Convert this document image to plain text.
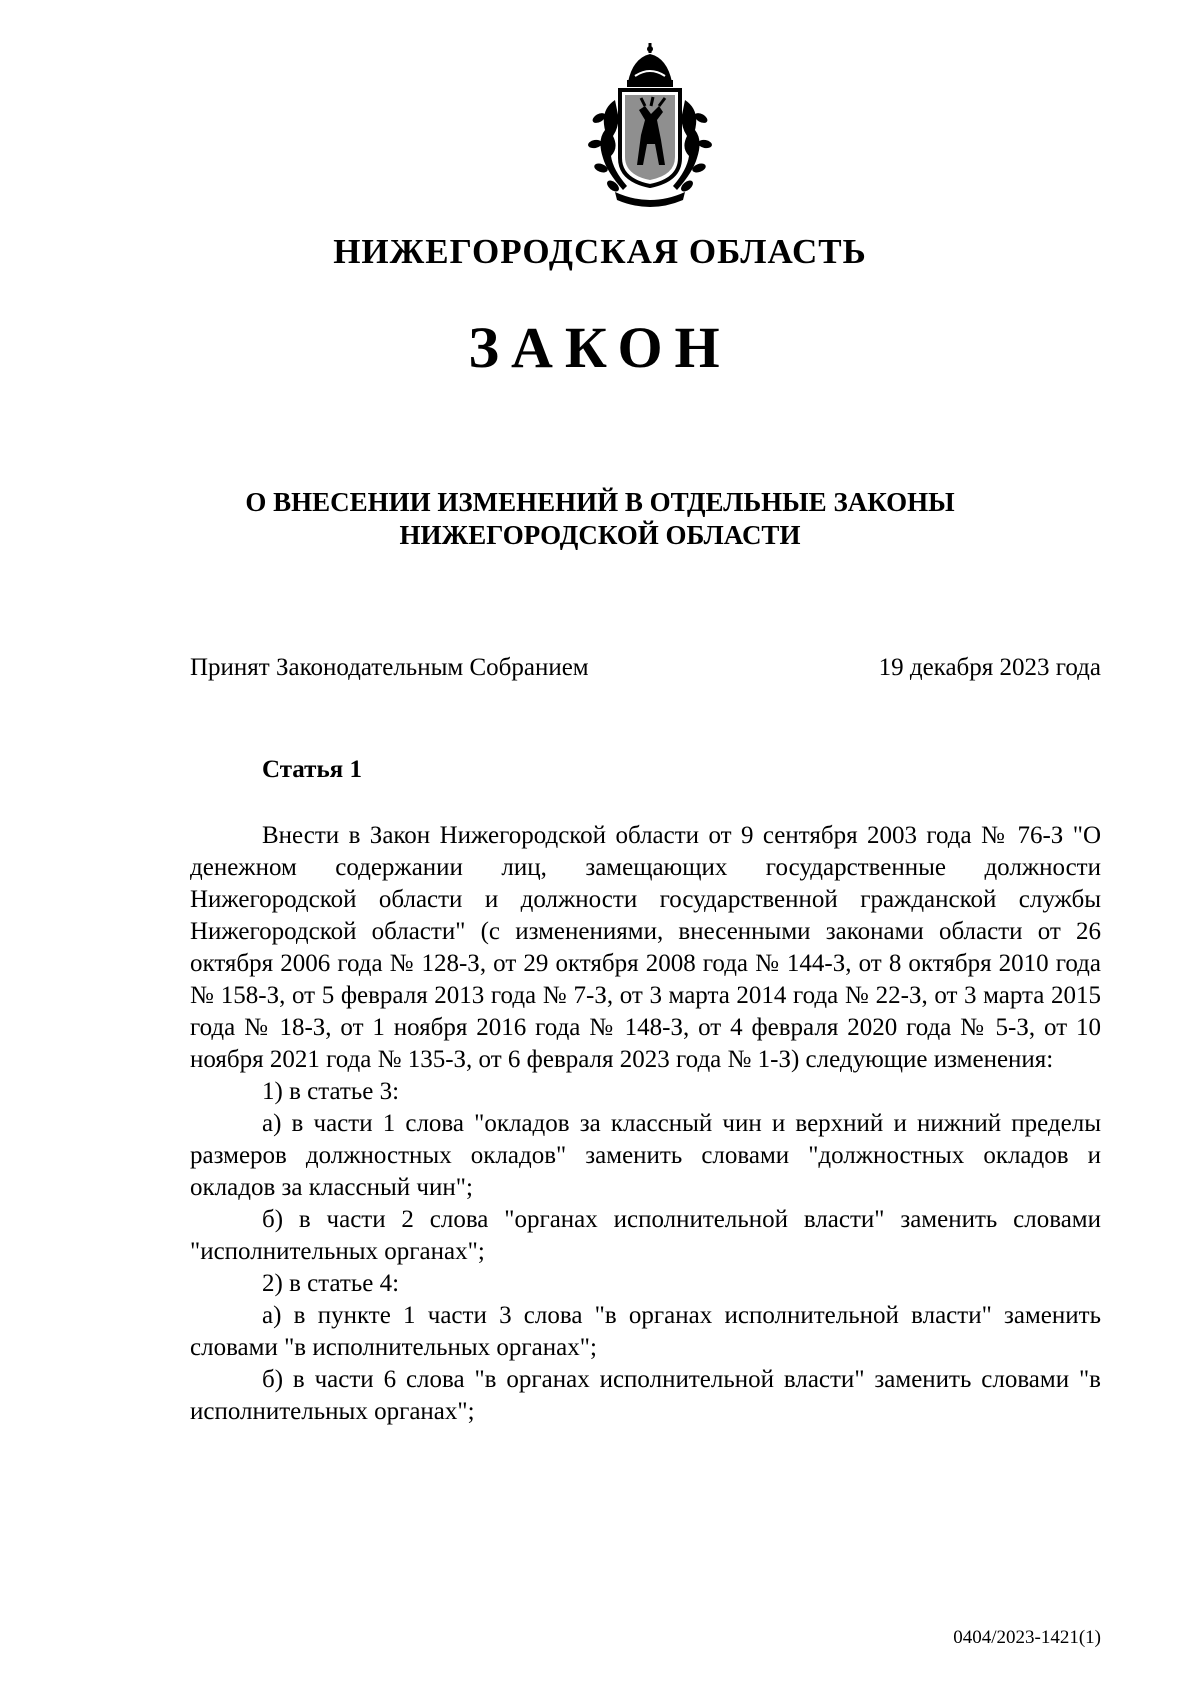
НИЖЕГОРОДСКАЯ ОБЛАСТЬ
ЗАКОН
О ВНЕСЕНИИ ИЗМЕНЕНИЙ В ОТДЕЛЬНЫЕ ЗАКОНЫ
НИЖЕГОРОДСКОЙ ОБЛАСТИ
Принят Законодательным Собранием	19 декабря 2023 года
Статья 1

Внести в Закон Нижегородской области от 9 сентября 2003 года № 76-З "О денежном содержании лиц, замещающих государственные должности Нижегородской области и должности государственной гражданской службы Нижегородской области" (с изменениями, внесенными законами области от 26 октября 2006 года № 128-З, от 29 октября 2008 года № 144-З, от 8 октября 2010 года № 158-З, от 5 февраля 2013 года № 7-З, от 3 марта 2014 года № 22-З, от 3 марта 2015 года № 18-З, от 1 ноября 2016 года № 148-З, от 4 февраля 2020 года № 5-З, от 10 ноября 2021 года № 135-З, от 6 февраля 2023 года № 1-З) следующие изменения:

1) в статье 3:

а) в части 1 слова "окладов за классный чин и верхний и нижний пределы размеров должностных окладов" заменить словами "должностных окладов и окладов за классный чин";

б) в части 2 слова "органах исполнительной власти" заменить словами "исполнительных органах";

2) в статье 4:

а) в пункте 1 части 3 слова "в органах исполнительной власти" заменить словами "в исполнительных органах";

б) в части 6 слова "в органах исполнительной власти" заменить словами "в исполнительных органах";

0404/2023-1421(1)
